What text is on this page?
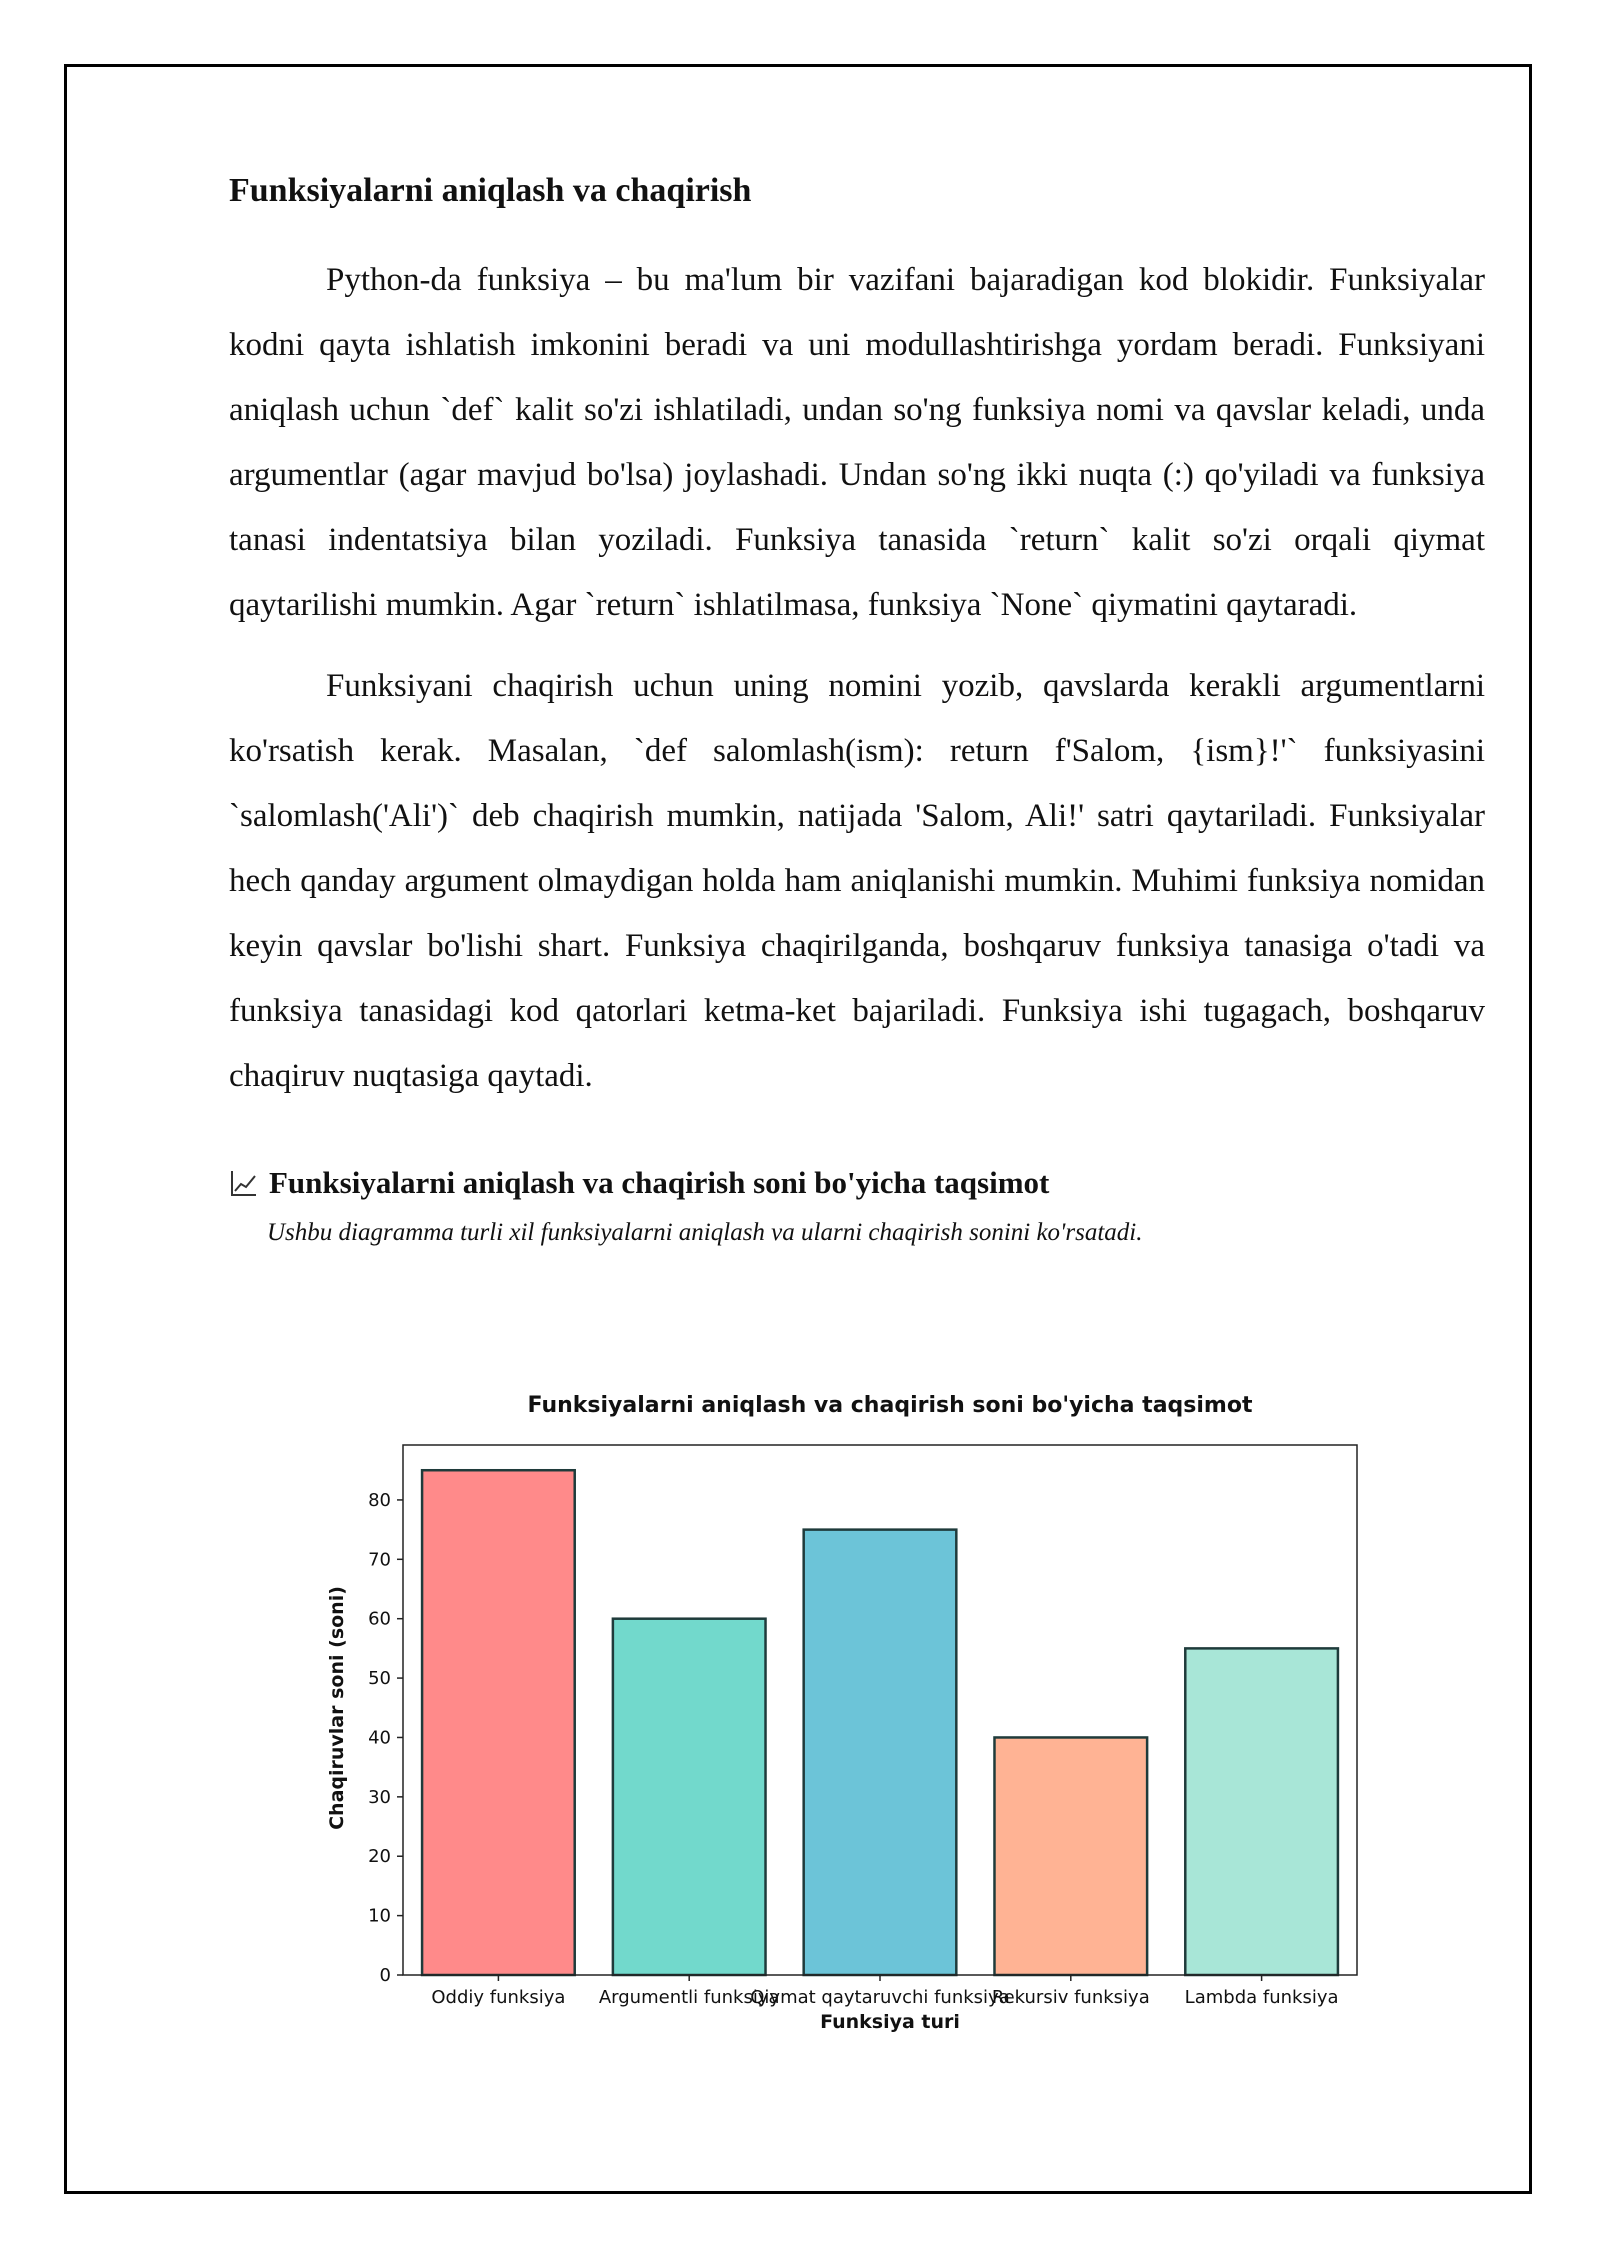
Funksiyalarni aniqlash va chaqirish

Python-da funksiya – bu ma'lum bir vazifani bajaradigan kod blokidir. Funksiyalar kodni qayta ishlatish imkonini beradi va uni modullashtirishga yordam beradi. Funksiyani aniqlash uchun `def` kalit so'zi ishlatiladi, undan so'ng funksiya nomi va qavslar keladi, unda argumentlar (agar mavjud bo'lsa) joylashadi. Undan so'ng ikki nuqta (:) qo'yiladi va funksiya tanasi indentatsiya bilan yoziladi. Funksiya tanasida `return` kalit so'zi orqali qiymat qaytarilishi mumkin. Agar `return` ishlatilmasa, funksiya `None` qiymatini qaytaradi.

Funksiyani chaqirish uchun uning nomini yozib, qavslarda kerakli argumentlarni ko'rsatish kerak. Masalan, `def salomlash(ism): return f'Salom, {ism}!'` funksiyasini `salomlash('Ali')` deb chaqirish mumkin, natijada 'Salom, Ali!' satri qaytariladi. Funksiyalar hech qanday argument olmaydigan holda ham aniqlanishi mumkin. Muhimi funksiya nomidan keyin qavslar bo'lishi shart. Funksiya chaqirilganda, boshqaruv funksiya tanasiga o'tadi va funksiya tanasidagi kod qatorlari ketma-ket bajariladi. Funksiya ishi tugagach, boshqaruv chaqiruv nuqtasiga qaytadi.

Funksiyalarni aniqlash va chaqirish soni bo'yicha taqsimot
Ushbu diagramma turli xil funksiyalarni aniqlash va ularni chaqirish sonini ko'rsatadi.
Funksiyalarni aniqlash va chaqirish soni bo'yicha taqsimot
Oddiy funksiya Argumentli funksiya
Qiymat qaytaruvchi funksiya
Rekursiv funksiya Lambda funksiya
0
10
20
30
40
50
60
70
80
Funksiya turi
Chaqiruvlar soni (soni)
